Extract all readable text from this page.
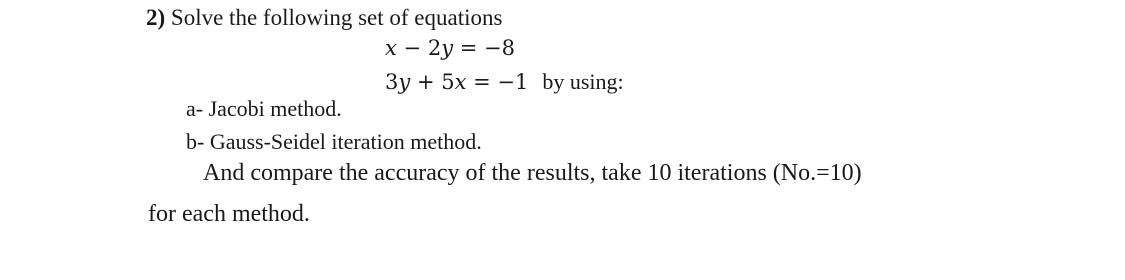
2) Solve the following set of equations
x − 2y = −8
3y + 5x = −1 by using:
a- Jacobi method.
b- Gauss-Seidel iteration method.
And compare the accuracy of the results, take 10 iterations (No.=10)
for each method.
